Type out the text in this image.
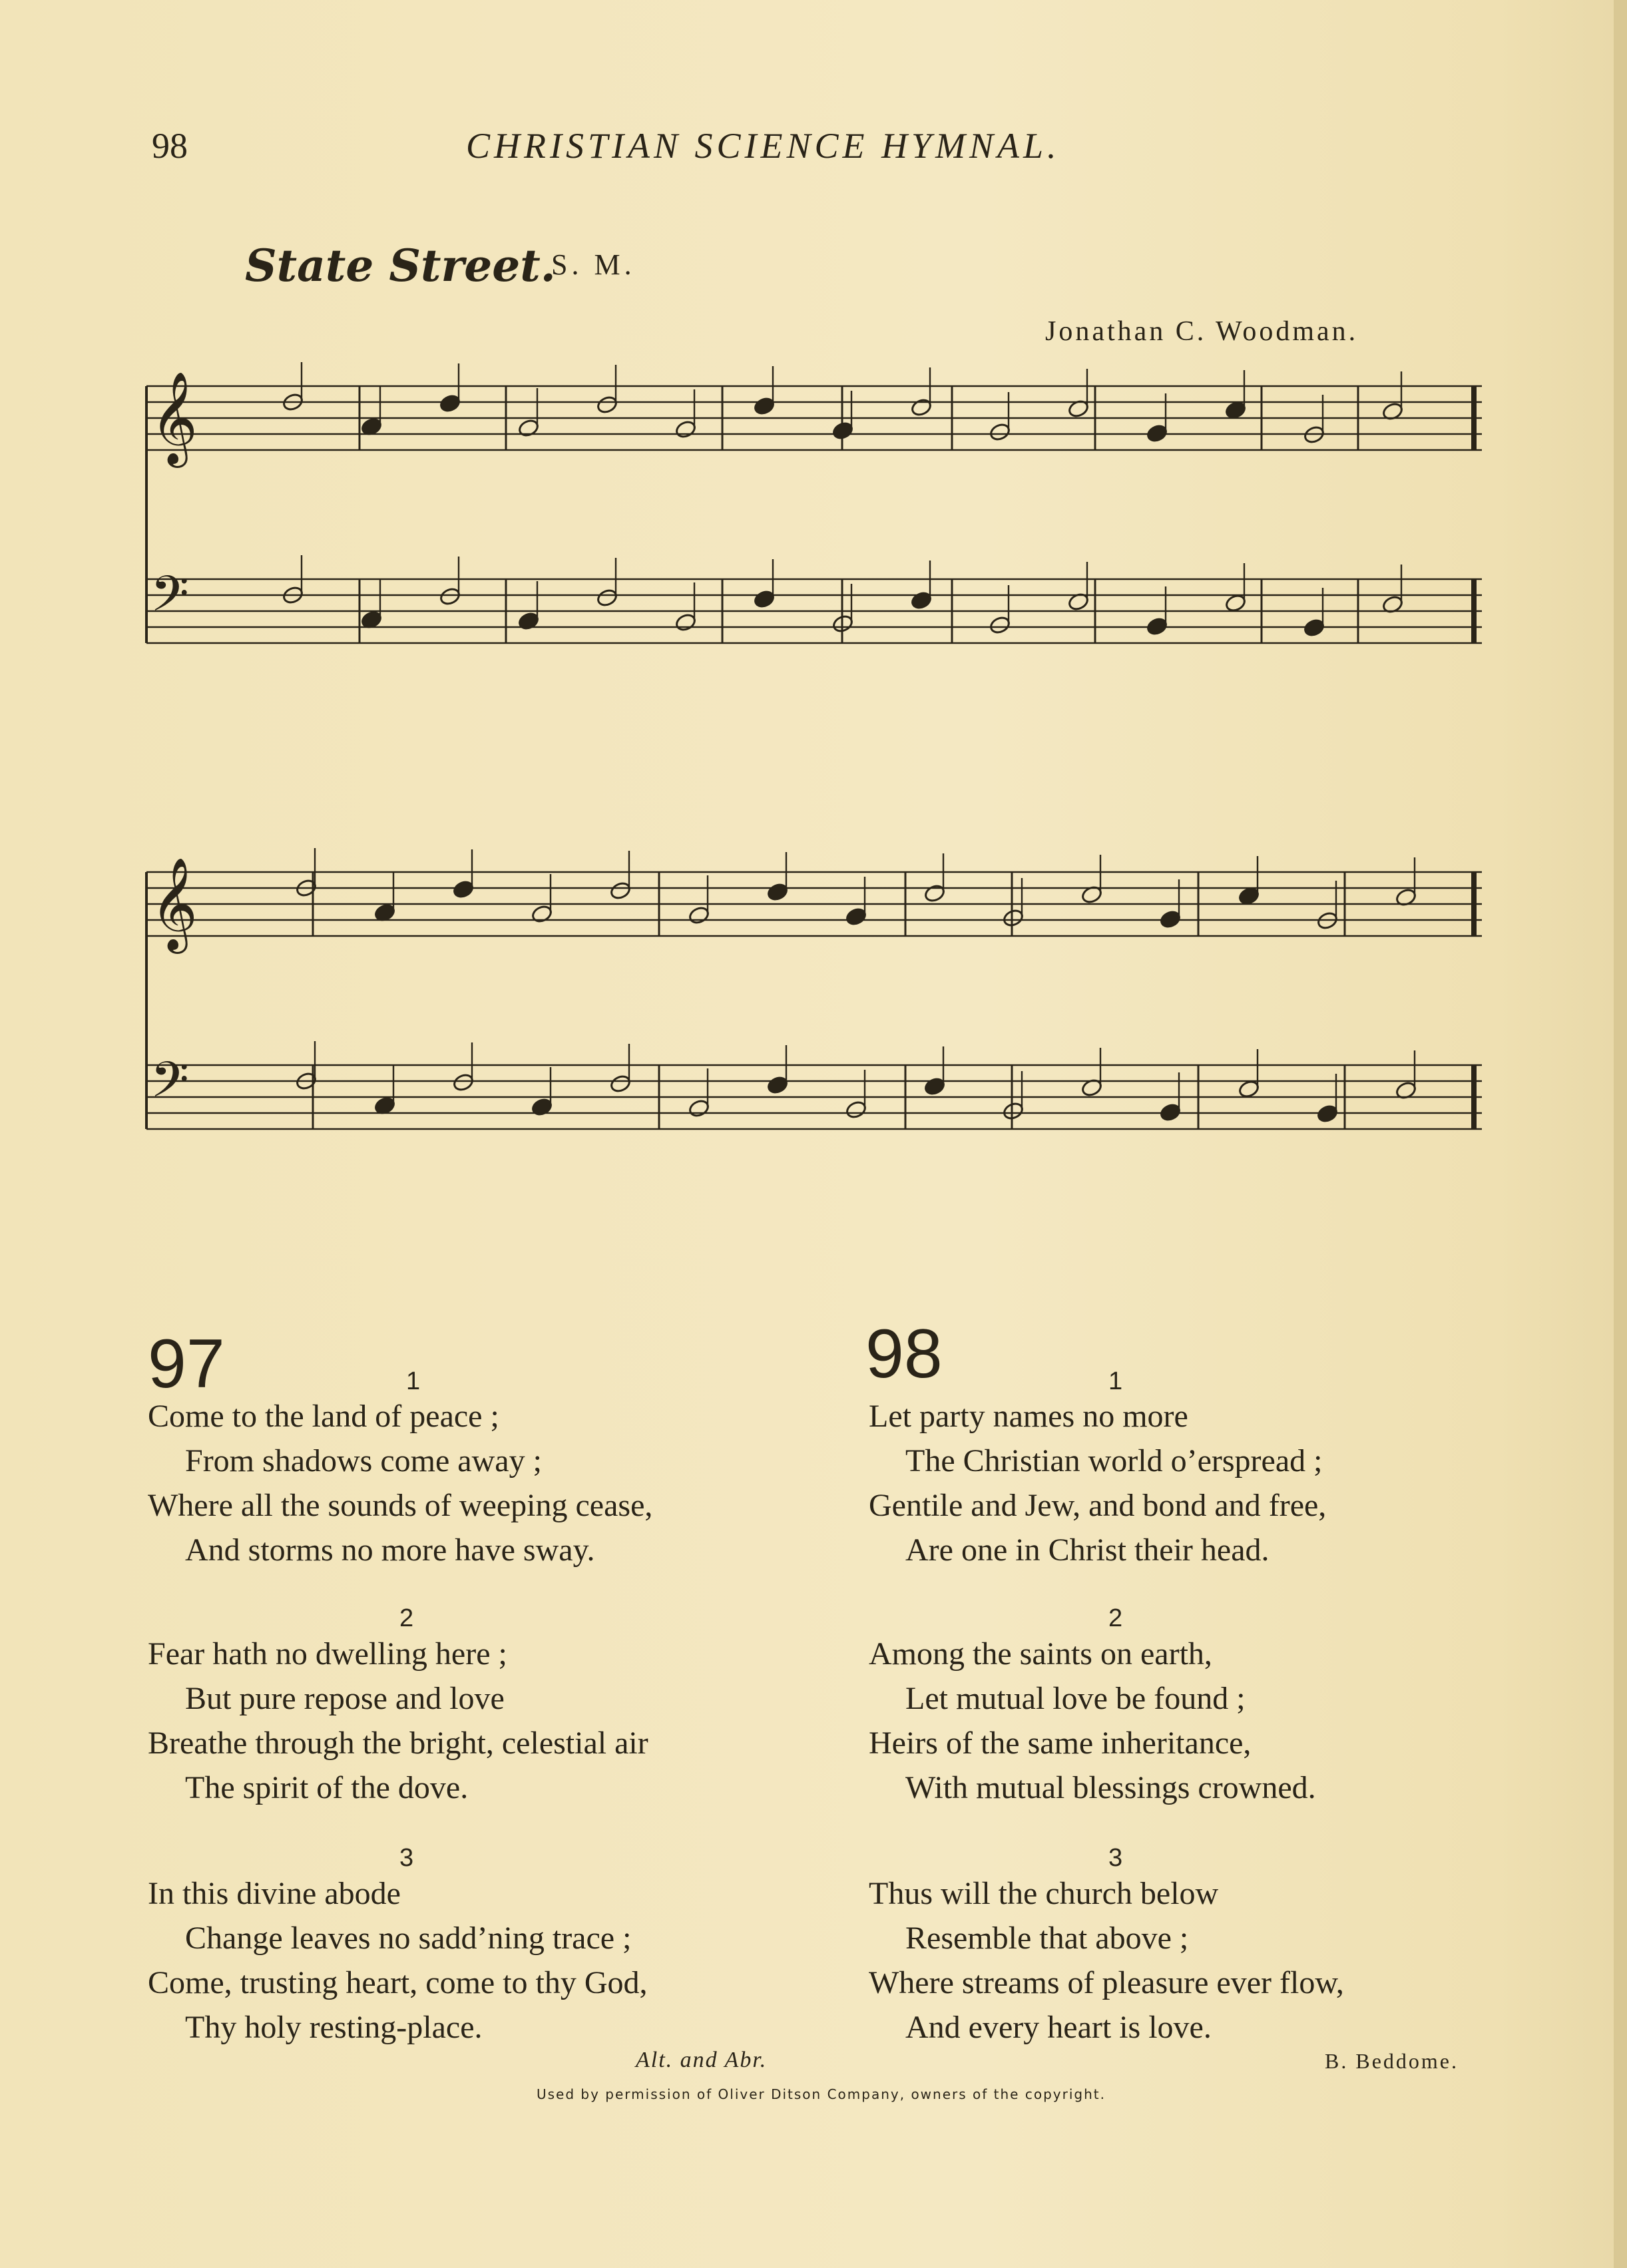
98	CHRISTIAN SCIENCE HYMNAL.
State Street.
S. M.
Jonathan C. Woodman.
𝄞
𝄢
𝄞
𝄢
97	98
1
Come to the land of peace ;
From shadows come away ;
Where all the sounds of weeping cease,
And storms no more have sway.
2
Fear hath no dwelling here ;
But pure repose and love
Breathe through the bright, celestial air
The spirit of the dove.
3
In this divine abode
Change leaves no sadd’ning trace ;
Come, trusting heart, come to thy God,
Thy holy resting-place.
Alt. and Abr.
1
Let party names no more
The Christian world o’erspread ;
Gentile and Jew, and bond and free,
Are one in Christ their head.
2
Among the saints on earth,
Let mutual love be found ;
Heirs of the same inheritance,
With mutual blessings crowned.
3
Thus will the church below
Resemble that above ;
Where streams of pleasure ever flow,
And every heart is love.
B. Beddome.
Used by permission of Oliver Ditson Company, owners of the copyright.
